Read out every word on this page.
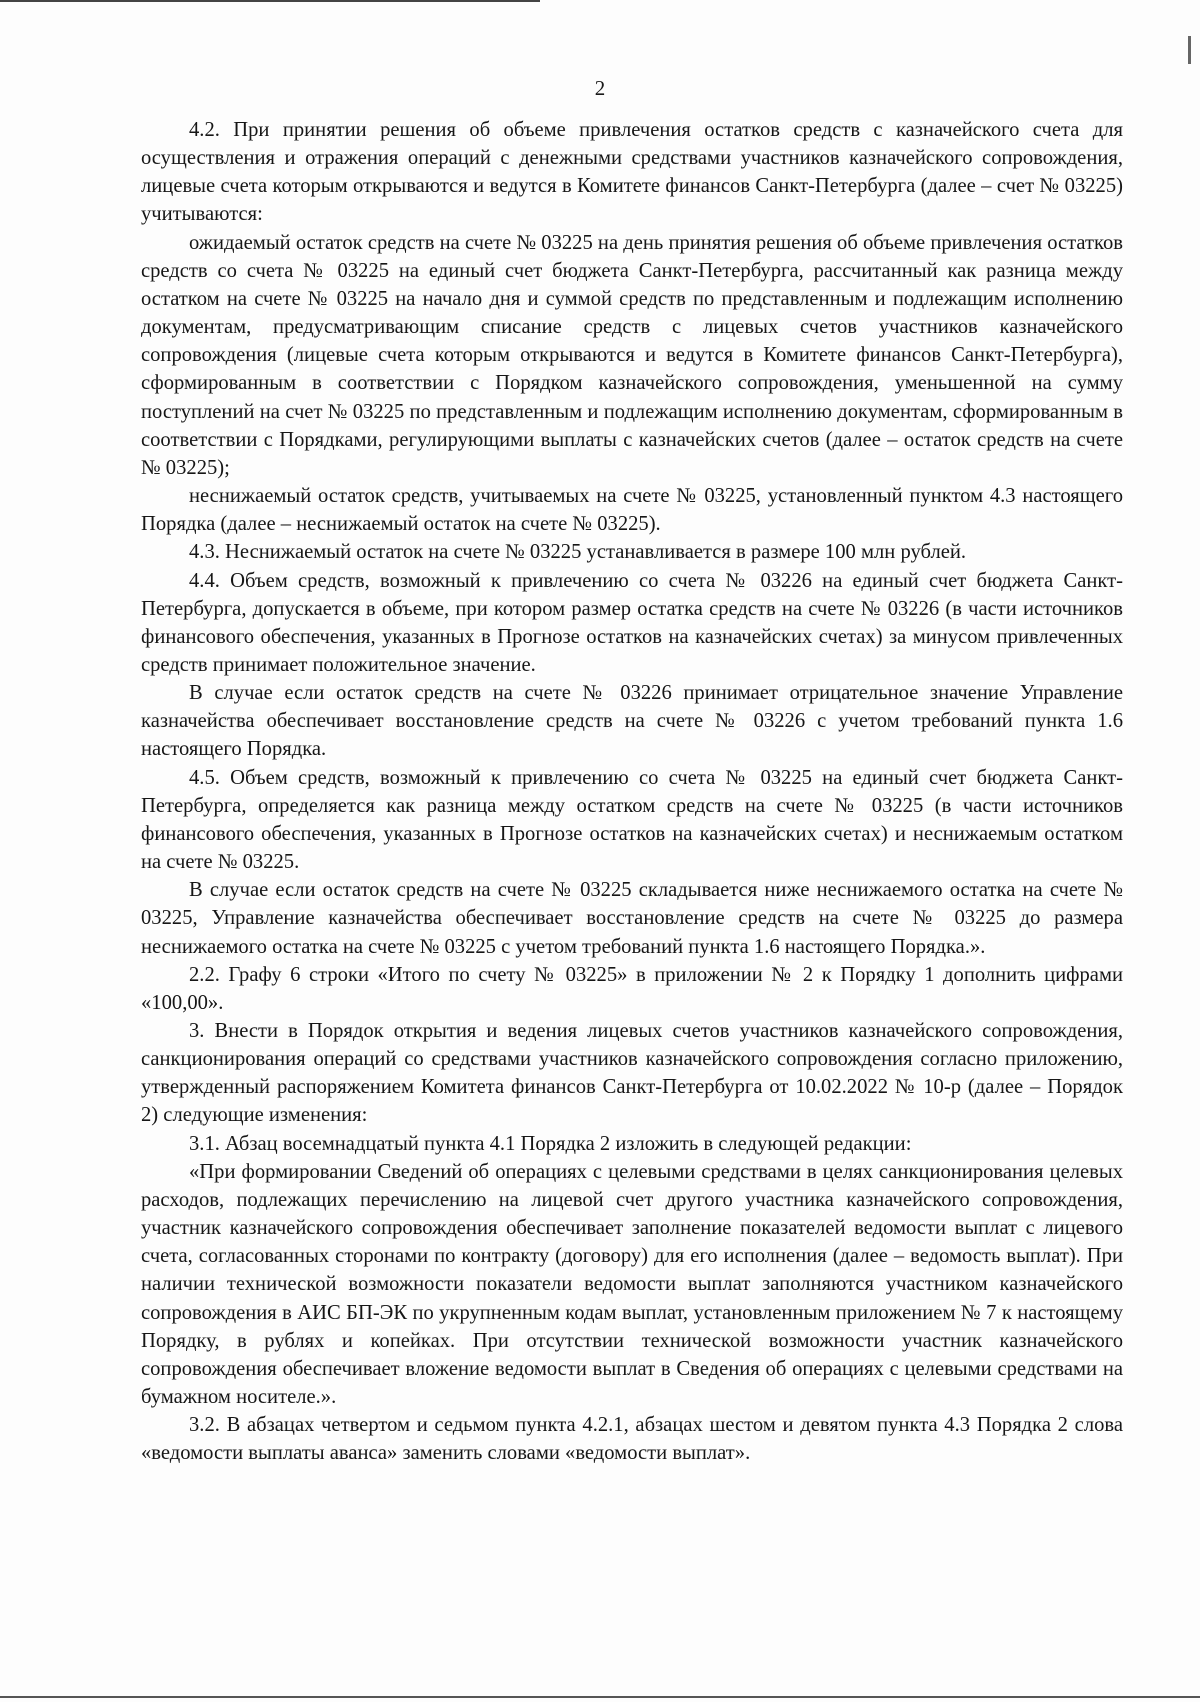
2

4.2. При принятии решения об объеме привлечения остатков средств с казначейского счета для осуществления и отражения операций с денежными средствами участников казначейского сопровождения, лицевые счета которым открываются и ведутся в Комитете финансов Санкт-Петербурга (далее – счет № 03225) учитываются:

ожидаемый остаток средств на счете № 03225 на день принятия решения об объеме привлечения остатков средств со счета № 03225 на единый счет бюджета Санкт-Петербурга, рассчитанный как разница между остатком на счете № 03225 на начало дня и суммой средств по представленным и подлежащим исполнению документам, предусматривающим списание средств с лицевых счетов участников казначейского сопровождения (лицевые счета которым открываются и ведутся в Комитете финансов Санкт-Петербурга), сформированным в соответствии с Порядком казначейского сопровождения, уменьшенной на сумму поступлений на счет № 03225 по представленным и подлежащим исполнению документам, сформированным в соответствии с Порядками, регулирующими выплаты с казначейских счетов (далее – остаток средств на счете № 03225);

неснижаемый остаток средств, учитываемых на счете № 03225, установленный пунктом 4.3 настоящего Порядка (далее – неснижаемый остаток на счете № 03225).

4.3. Неснижаемый остаток на счете № 03225 устанавливается в размере 100 млн рублей.

4.4. Объем средств, возможный к привлечению со счета № 03226 на единый счет бюджета Санкт-Петербурга, допускается в объеме, при котором размер остатка средств на счете № 03226 (в части источников финансового обеспечения, указанных в Прогнозе остатков на казначейских счетах) за минусом привлеченных средств принимает положительное значение.

В случае если остаток средств на счете № 03226 принимает отрицательное значение Управление казначейства обеспечивает восстановление средств на счете № 03226 с учетом требований пункта 1.6 настоящего Порядка.

4.5. Объем средств, возможный к привлечению со счета № 03225 на единый счет бюджета Санкт-Петербурга, определяется как разница между остатком средств на счете № 03225 (в части источников финансового обеспечения, указанных в Прогнозе остатков на казначейских счетах) и неснижаемым остатком на счете № 03225.

В случае если остаток средств на счете № 03225 складывается ниже неснижаемого остатка на счете № 03225, Управление казначейства обеспечивает восстановление средств на счете № 03225 до размера неснижаемого остатка на счете № 03225 с учетом требований пункта 1.6 настоящего Порядка.».

2.2. Графу 6 строки «Итого по счету № 03225» в приложении № 2 к Порядку 1 дополнить цифрами «100,00».

3. Внести в Порядок открытия и ведения лицевых счетов участников казначейского сопровождения, санкционирования операций со средствами участников казначейского сопровождения согласно приложению, утвержденный распоряжением Комитета финансов Санкт-Петербурга от 10.02.2022 № 10-р (далее – Порядок 2) следующие изменения:

3.1. Абзац восемнадцатый пункта 4.1 Порядка 2 изложить в следующей редакции:

«При формировании Сведений об операциях с целевыми средствами в целях санкционирования целевых расходов, подлежащих перечислению на лицевой счет другого участника казначейского сопровождения, участник казначейского сопровождения обеспечивает заполнение показателей ведомости выплат с лицевого счета, согласованных сторонами по контракту (договору) для его исполнения (далее – ведомость выплат). При наличии технической возможности показатели ведомости выплат заполняются участником казначейского сопровождения в АИС БП-ЭК по укрупненным кодам выплат, установленным приложением № 7 к настоящему Порядку, в рублях и копейках. При отсутствии технической возможности участник казначейского сопровождения обеспечивает вложение ведомости выплат в Сведения об операциях с целевыми средствами на бумажном носителе.».

3.2. В абзацах четвертом и седьмом пункта 4.2.1, абзацах шестом и девятом пункта 4.3 Порядка 2 слова «ведомости выплаты аванса» заменить словами «ведомости выплат».
